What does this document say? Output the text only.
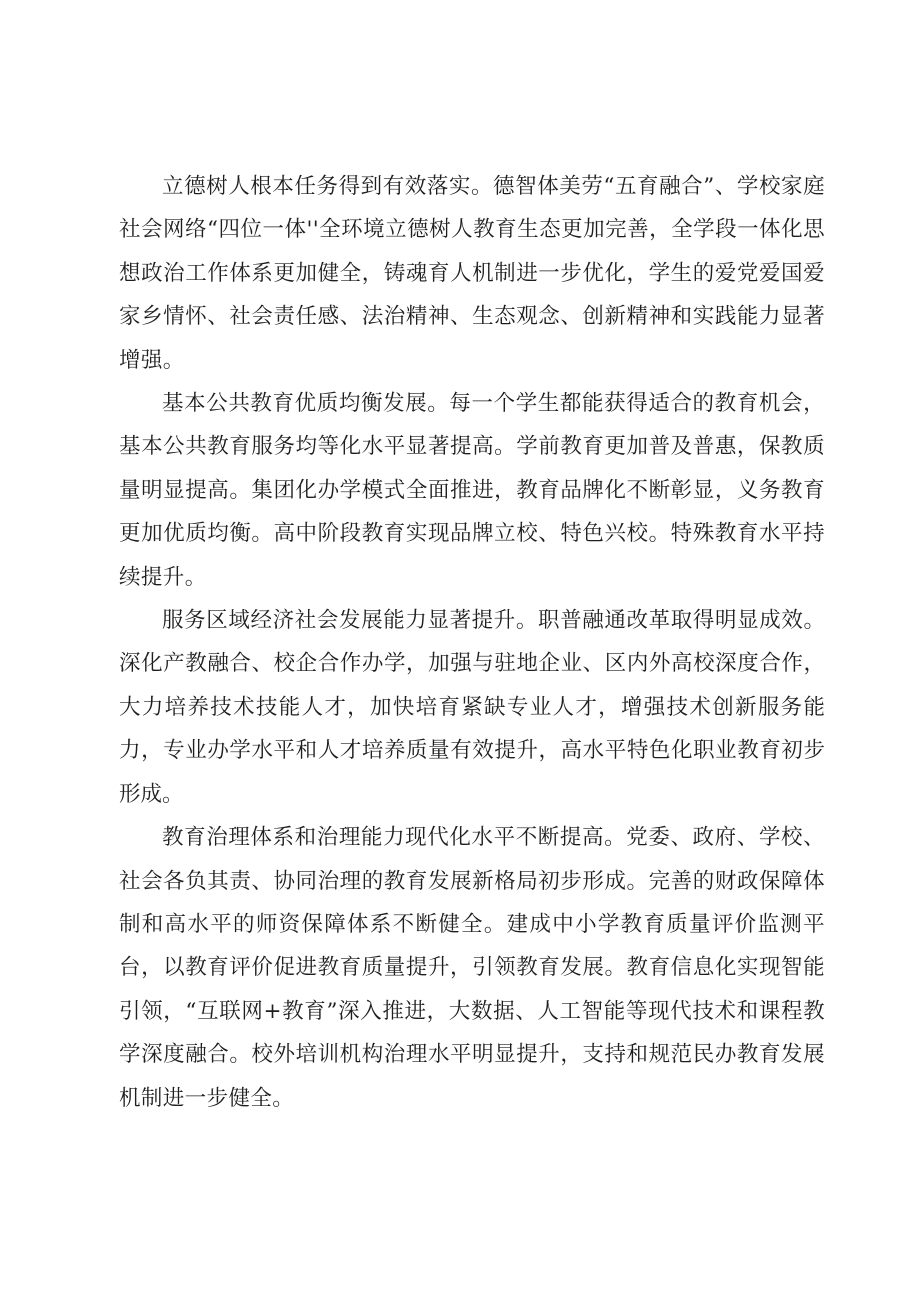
立德树人根本任务得到有效落实。德智体美劳“五育融合”、学校家庭社会网络“四位一体''全环境立德树人教育生态更加完善，全学段一体化思想政治工作体系更加健全，铸魂育人机制进一步优化，学生的爱党爱国爱家乡情怀、社会责任感、法治精神、生态观念、创新精神和实践能力显著增强。

基本公共教育优质均衡发展。每一个学生都能获得适合的教育机会，基本公共教育服务均等化水平显著提高。学前教育更加普及普惠，保教质量明显提高。集团化办学模式全面推进，教育品牌化不断彰显，义务教育更加优质均衡。高中阶段教育实现品牌立校、特色兴校。特殊教育水平持续提升。

服务区域经济社会发展能力显著提升。职普融通改革取得明显成效。深化产教融合、校企合作办学，加强与驻地企业、区内外高校深度合作，大力培养技术技能人才，加快培育紧缺专业人才，增强技术创新服务能力，专业办学水平和人才培养质量有效提升，高水平特色化职业教育初步形成。

教育治理体系和治理能力现代化水平不断提高。党委、政府、学校、社会各负其责、协同治理的教育发展新格局初步形成。完善的财政保障体制和高水平的师资保障体系不断健全。建成中小学教育质量评价监测平台，以教育评价促进教育质量提升，引领教育发展。教育信息化实现智能引领，“互联网+教育”深入推进，大数据、人工智能等现代技术和课程教学深度融合。校外培训机构治理水平明显提升，支持和规范民办教育发展机制进一步健全。
